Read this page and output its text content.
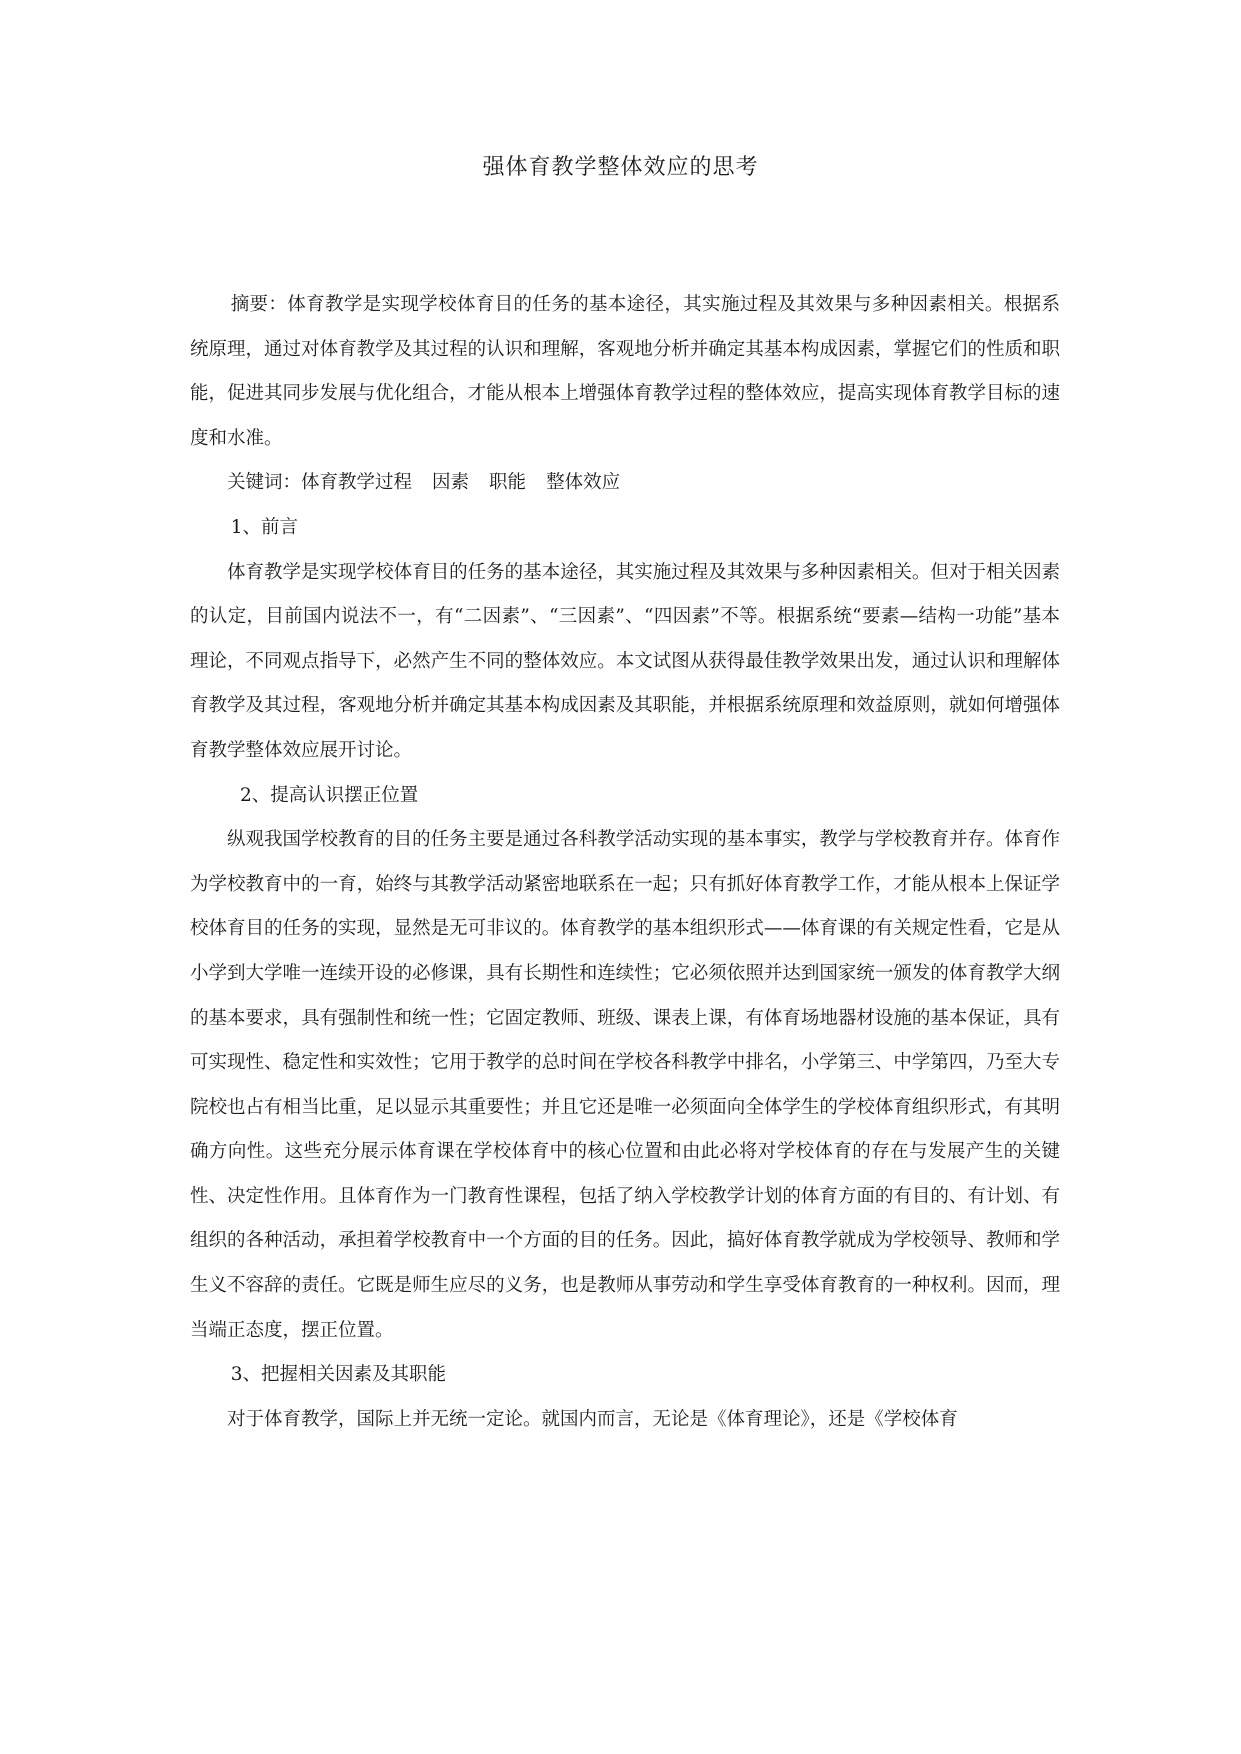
强体育教学整体效应的思考

摘要：体育教学是实现学校体育目的任务的基本途径，其实施过程及其效果与多种因素相关。根据系统原理，通过对体育教学及其过程的认识和理解，客观地分析并确定其基本构成因素，掌握它们的性质和职能，促进其同步发展与优化组合，才能从根本上增强体育教学过程的整体效应，提高实现体育教学目标的速度和水准。

关键词：体育教学过程 因素 职能 整体效应

1、前言

体育教学是实现学校体育目的任务的基本途径，其实施过程及其效果与多种因素相关。但对于相关因素的认定，目前国内说法不一，有“二因素”、“三因素”、“四因素”不等。根据系统“要素—结构一功能”基本理论，不同观点指导下，必然产生不同的整体效应。本文试图从获得最佳教学效果出发，通过认识和理解体育教学及其过程，客观地分析并确定其基本构成因素及其职能，并根据系统原理和效益原则，就如何增强体育教学整体效应展开讨论。

2、提高认识摆正位置

纵观我国学校教育的目的任务主要是通过各科教学活动实现的基本事实，教学与学校教育并存。体育作为学校教育中的一育，始终与其教学活动紧密地联系在一起；只有抓好体育教学工作，才能从根本上保证学校体育目的任务的实现，显然是无可非议的。体育教学的基本组织形式——体育课的有关规定性看，它是从小学到大学唯一连续开设的必修课，具有长期性和连续性；它必须依照并达到国家统一颁发的体育教学大纲的基本要求，具有强制性和统一性；它固定教师、班级、课表上课，有体育场地器材设施的基本保证，具有可实现性、稳定性和实效性；它用于教学的总时间在学校各科教学中排名，小学第三、中学第四，乃至大专院校也占有相当比重，足以显示其重要性；并且它还是唯一必须面向全体学生的学校体育组织形式，有其明确方向性。这些充分展示体育课在学校体育中的核心位置和由此必将对学校体育的存在与发展产生的关键性、决定性作用。且体育作为一门教育性课程，包括了纳入学校教学计划的体育方面的有目的、有计划、有组织的各种活动，承担着学校教育中一个方面的目的任务。因此，搞好体育教学就成为学校领导、教师和学生义不容辞的责任。它既是师生应尽的义务，也是教师从事劳动和学生享受体育教育的一种权利。因而，理当端正态度，摆正位置。

3、把握相关因素及其职能

对于体育教学，国际上并无统一定论。就国内而言，无论是《体育理论》，还是《学校体育
